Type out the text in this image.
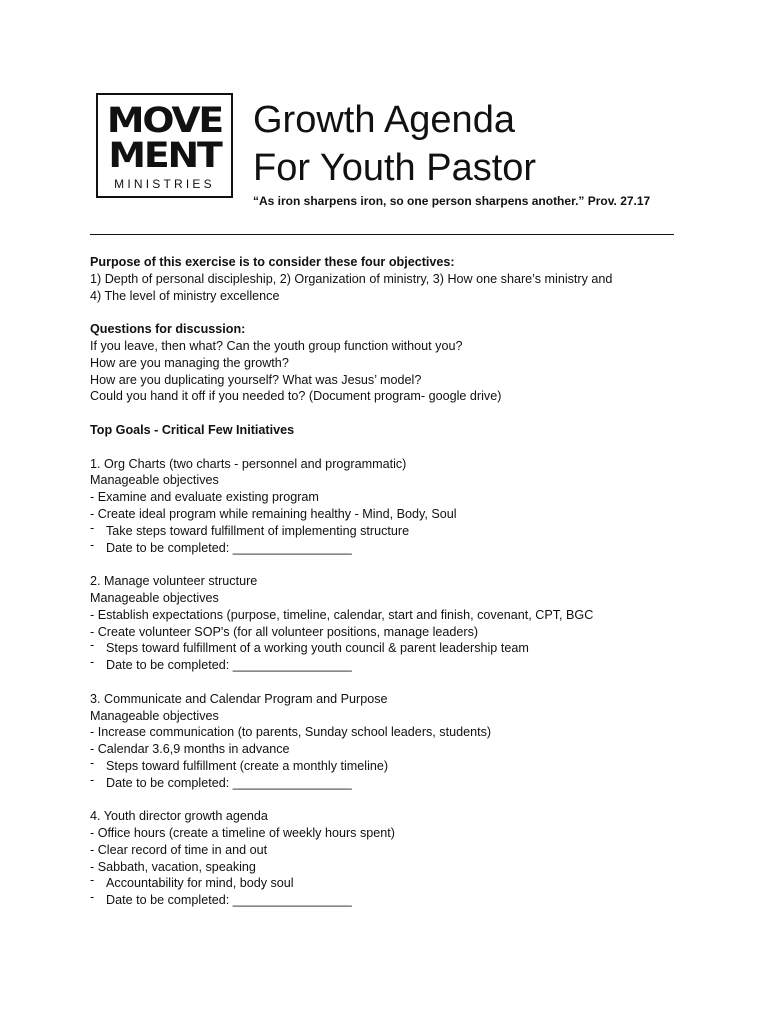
MOVE
MENT
MINISTRIES
Growth Agenda
For Youth Pastor
“As iron sharpens iron, so one person sharpens another.” Prov. 27.17

Purpose of this exercise is to consider these four objectives:

1) Depth of personal discipleship, 2) Organization of ministry, 3) How one share’s ministry and

4) The level of ministry excellence

Questions for discussion:

If you leave, then what? Can the youth group function without you?

How are you managing the growth?

How are you duplicating yourself? What was Jesus’ model?

Could you hand it off if you needed to? (Document program- google drive)

Top Goals - Critical Few Initiatives

1. Org Charts (two charts - personnel and programmatic)

Manageable objectives

- Examine and evaluate existing program

- Create ideal program while remaining healthy - Mind, Body, Soul

- Take steps toward fulfillment of implementing structure
- Date to be completed: _________________

2. Manage volunteer structure

Manageable objectives

- Establish expectations (purpose, timeline, calendar, start and finish, covenant, CPT, BGC

- Create volunteer SOP's (for all volunteer positions, manage leaders)

- Steps toward fulfillment of a working youth council & parent leadership team
- Date to be completed: _________________

3. Communicate and Calendar Program and Purpose

Manageable objectives

- Increase communication (to parents, Sunday school leaders, students)

- Calendar 3.6,9 months in advance

- Steps toward fulfillment (create a monthly timeline)
- Date to be completed: _________________

4. Youth director growth agenda

- Office hours (create a timeline of weekly hours spent)

- Clear record of time in and out

- Sabbath, vacation, speaking

- Accountability for mind, body soul
- Date to be completed: _________________
